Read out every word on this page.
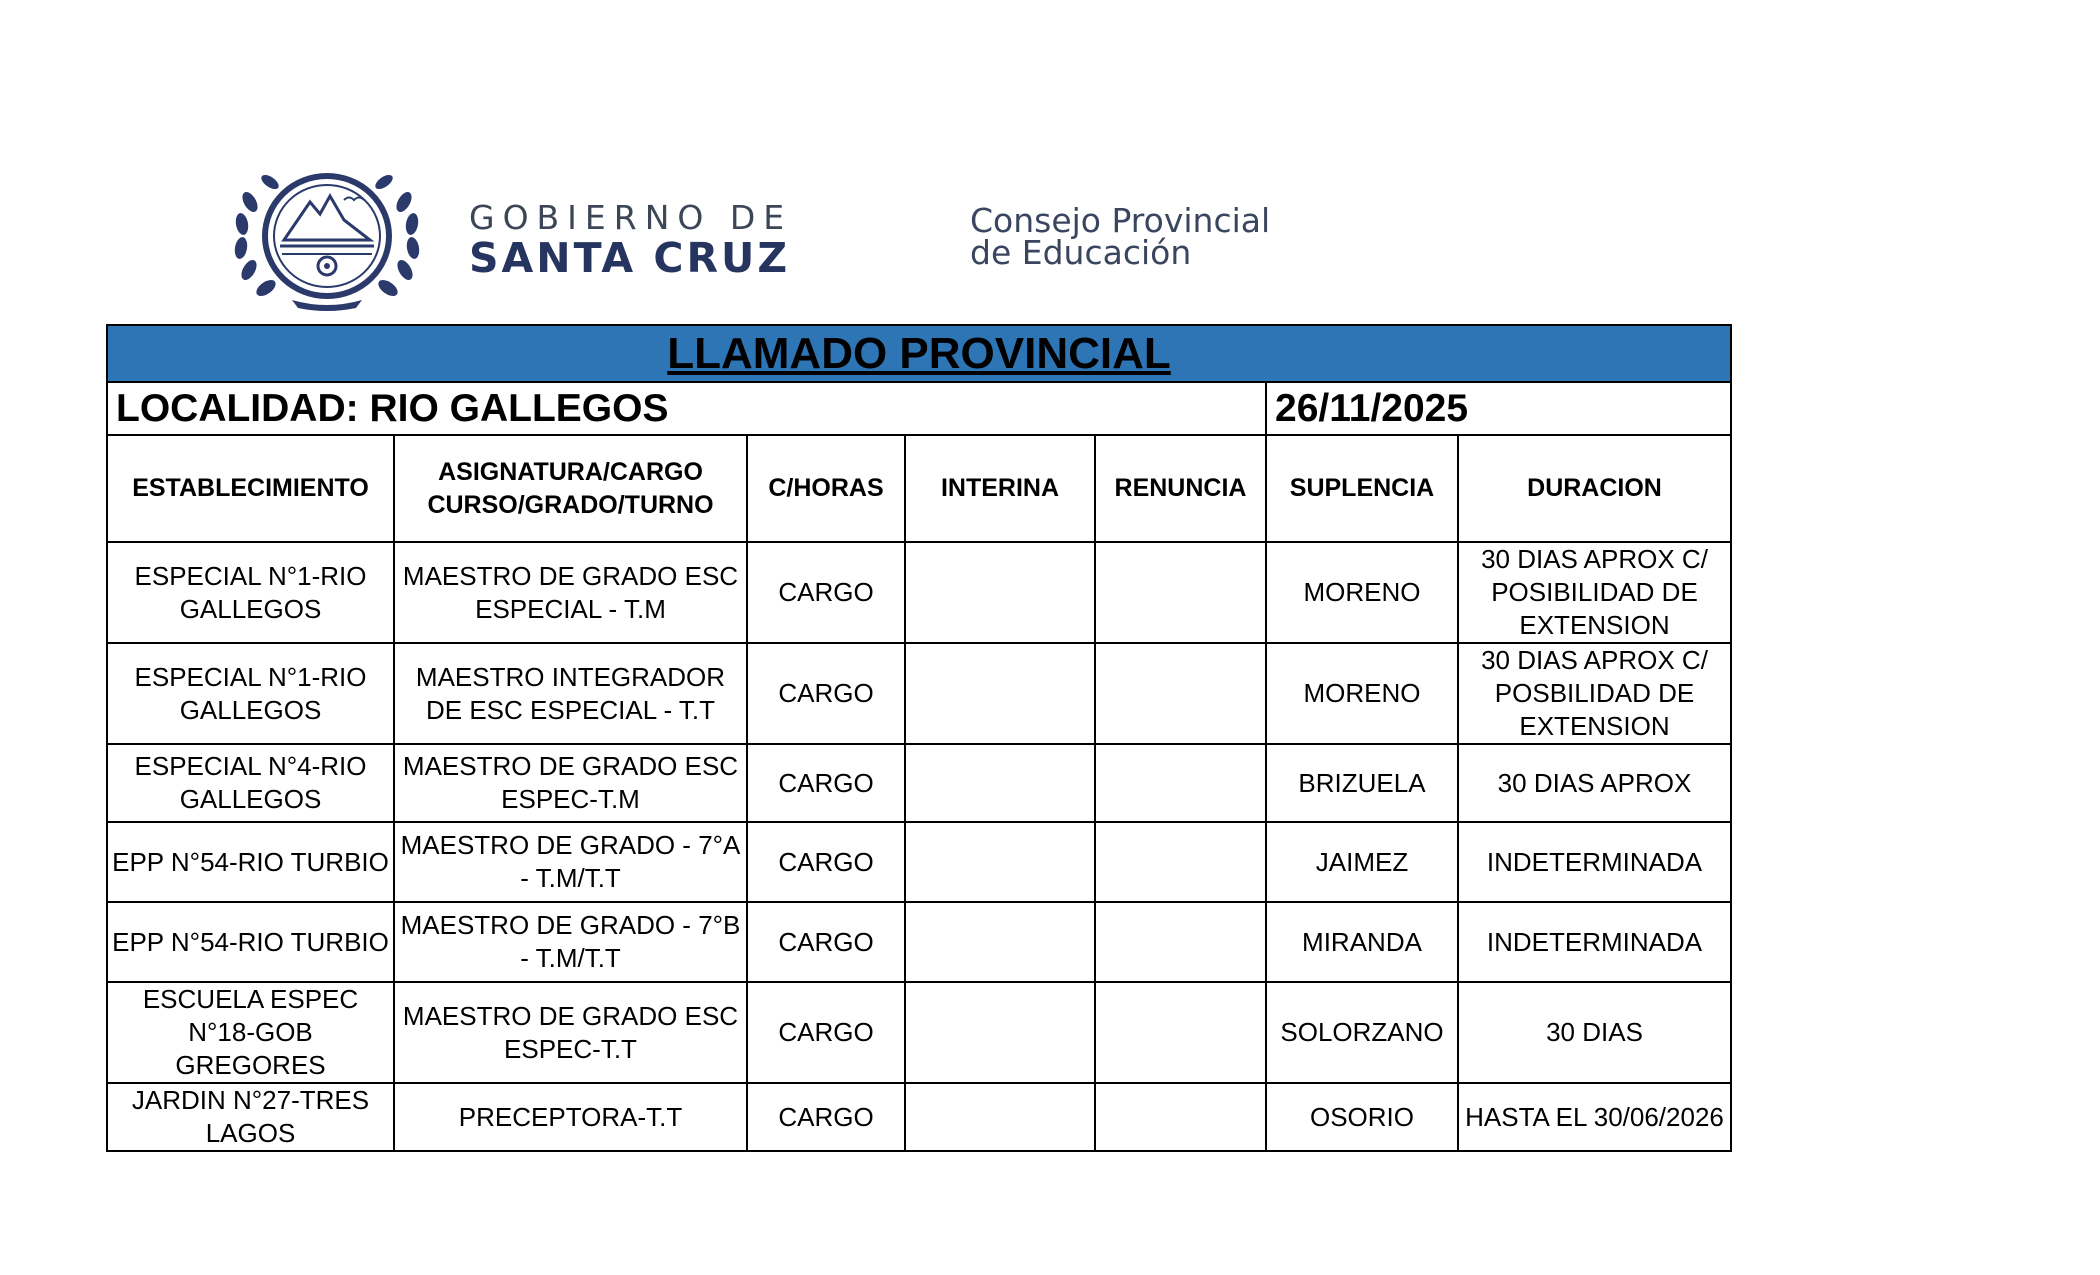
GOBIERNO DE
SANTA CRUZ
Consejo Provincial
de Educación
LLAMADO PROVINCIAL						
LOCALIDAD: RIO GALLEGOS					26/11/2025	
ESTABLECIMIENTO	ASIGNATURA/CARGO CURSO/GRADO/TURNO	C/HORAS	INTERINA	RENUNCIA	SUPLENCIA	DURACION
ESPECIAL N°1-RIO GALLEGOS	MAESTRO DE GRADO ESC ESPECIAL - T.M	CARGO			MORENO	30 DIAS APROX C/ POSIBILIDAD DE EXTENSION
ESPECIAL N°1-RIO GALLEGOS	MAESTRO INTEGRADOR DE ESC ESPECIAL - T.T	CARGO			MORENO	30 DIAS APROX C/ POSBILIDAD DE EXTENSION
ESPECIAL N°4-RIO GALLEGOS	MAESTRO DE GRADO ESC ESPEC-T.M	CARGO			BRIZUELA	30 DIAS APROX
EPP N°54-RIO TURBIO	MAESTRO DE GRADO - 7°A - T.M/T.T	CARGO			JAIMEZ	INDETERMINADA
EPP N°54-RIO TURBIO	MAESTRO DE GRADO - 7°B - T.M/T.T	CARGO			MIRANDA	INDETERMINADA
ESCUELA ESPEC N°18-GOB GREGORES	MAESTRO DE GRADO ESC ESPEC-T.T	CARGO			SOLORZANO	30 DIAS
JARDIN N°27-TRES LAGOS	PRECEPTORA-T.T	CARGO			OSORIO	HASTA EL 30/06/2026
